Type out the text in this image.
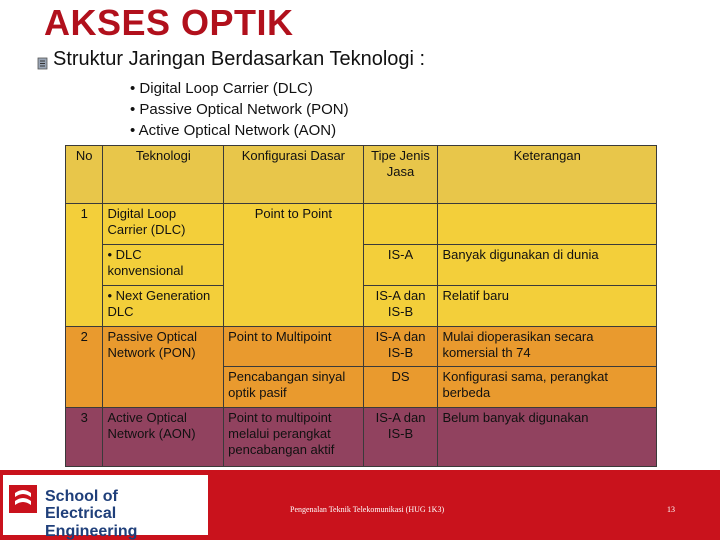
AKSES OPTIK
Struktur Jaringan Berdasarkan Teknologi :
• Digital Loop Carrier (DLC)
• Passive Optical Network (PON)
• Active Optical Network (AON)
No	Teknologi	Konfigurasi Dasar	Tipe Jenis Jasa	Keterangan
1	Digital Loop Carrier (DLC)	Point to Point		
	• DLC konvensional		IS-A	Banyak digunakan di dunia
	• Next Generation DLC		IS-A dan IS-B	Relatif baru
2	Passive Optical Network (PON)	Point to Multipoint	IS-A dan IS-B	Mulai dioperasikan secara komersial th 74
		Pencabangan sinyal optik pasif	DS	Konfigurasi sama, perangkat berbeda
3	Active Optical Network (AON)	Point to multipoint melalui perangkat pencabangan aktif	IS-A dan IS-B	Belum banyak digunakan
School of
Electrical Engineering
Pengenalan Teknik Telekomunikasi (HUG 1K3)	13
